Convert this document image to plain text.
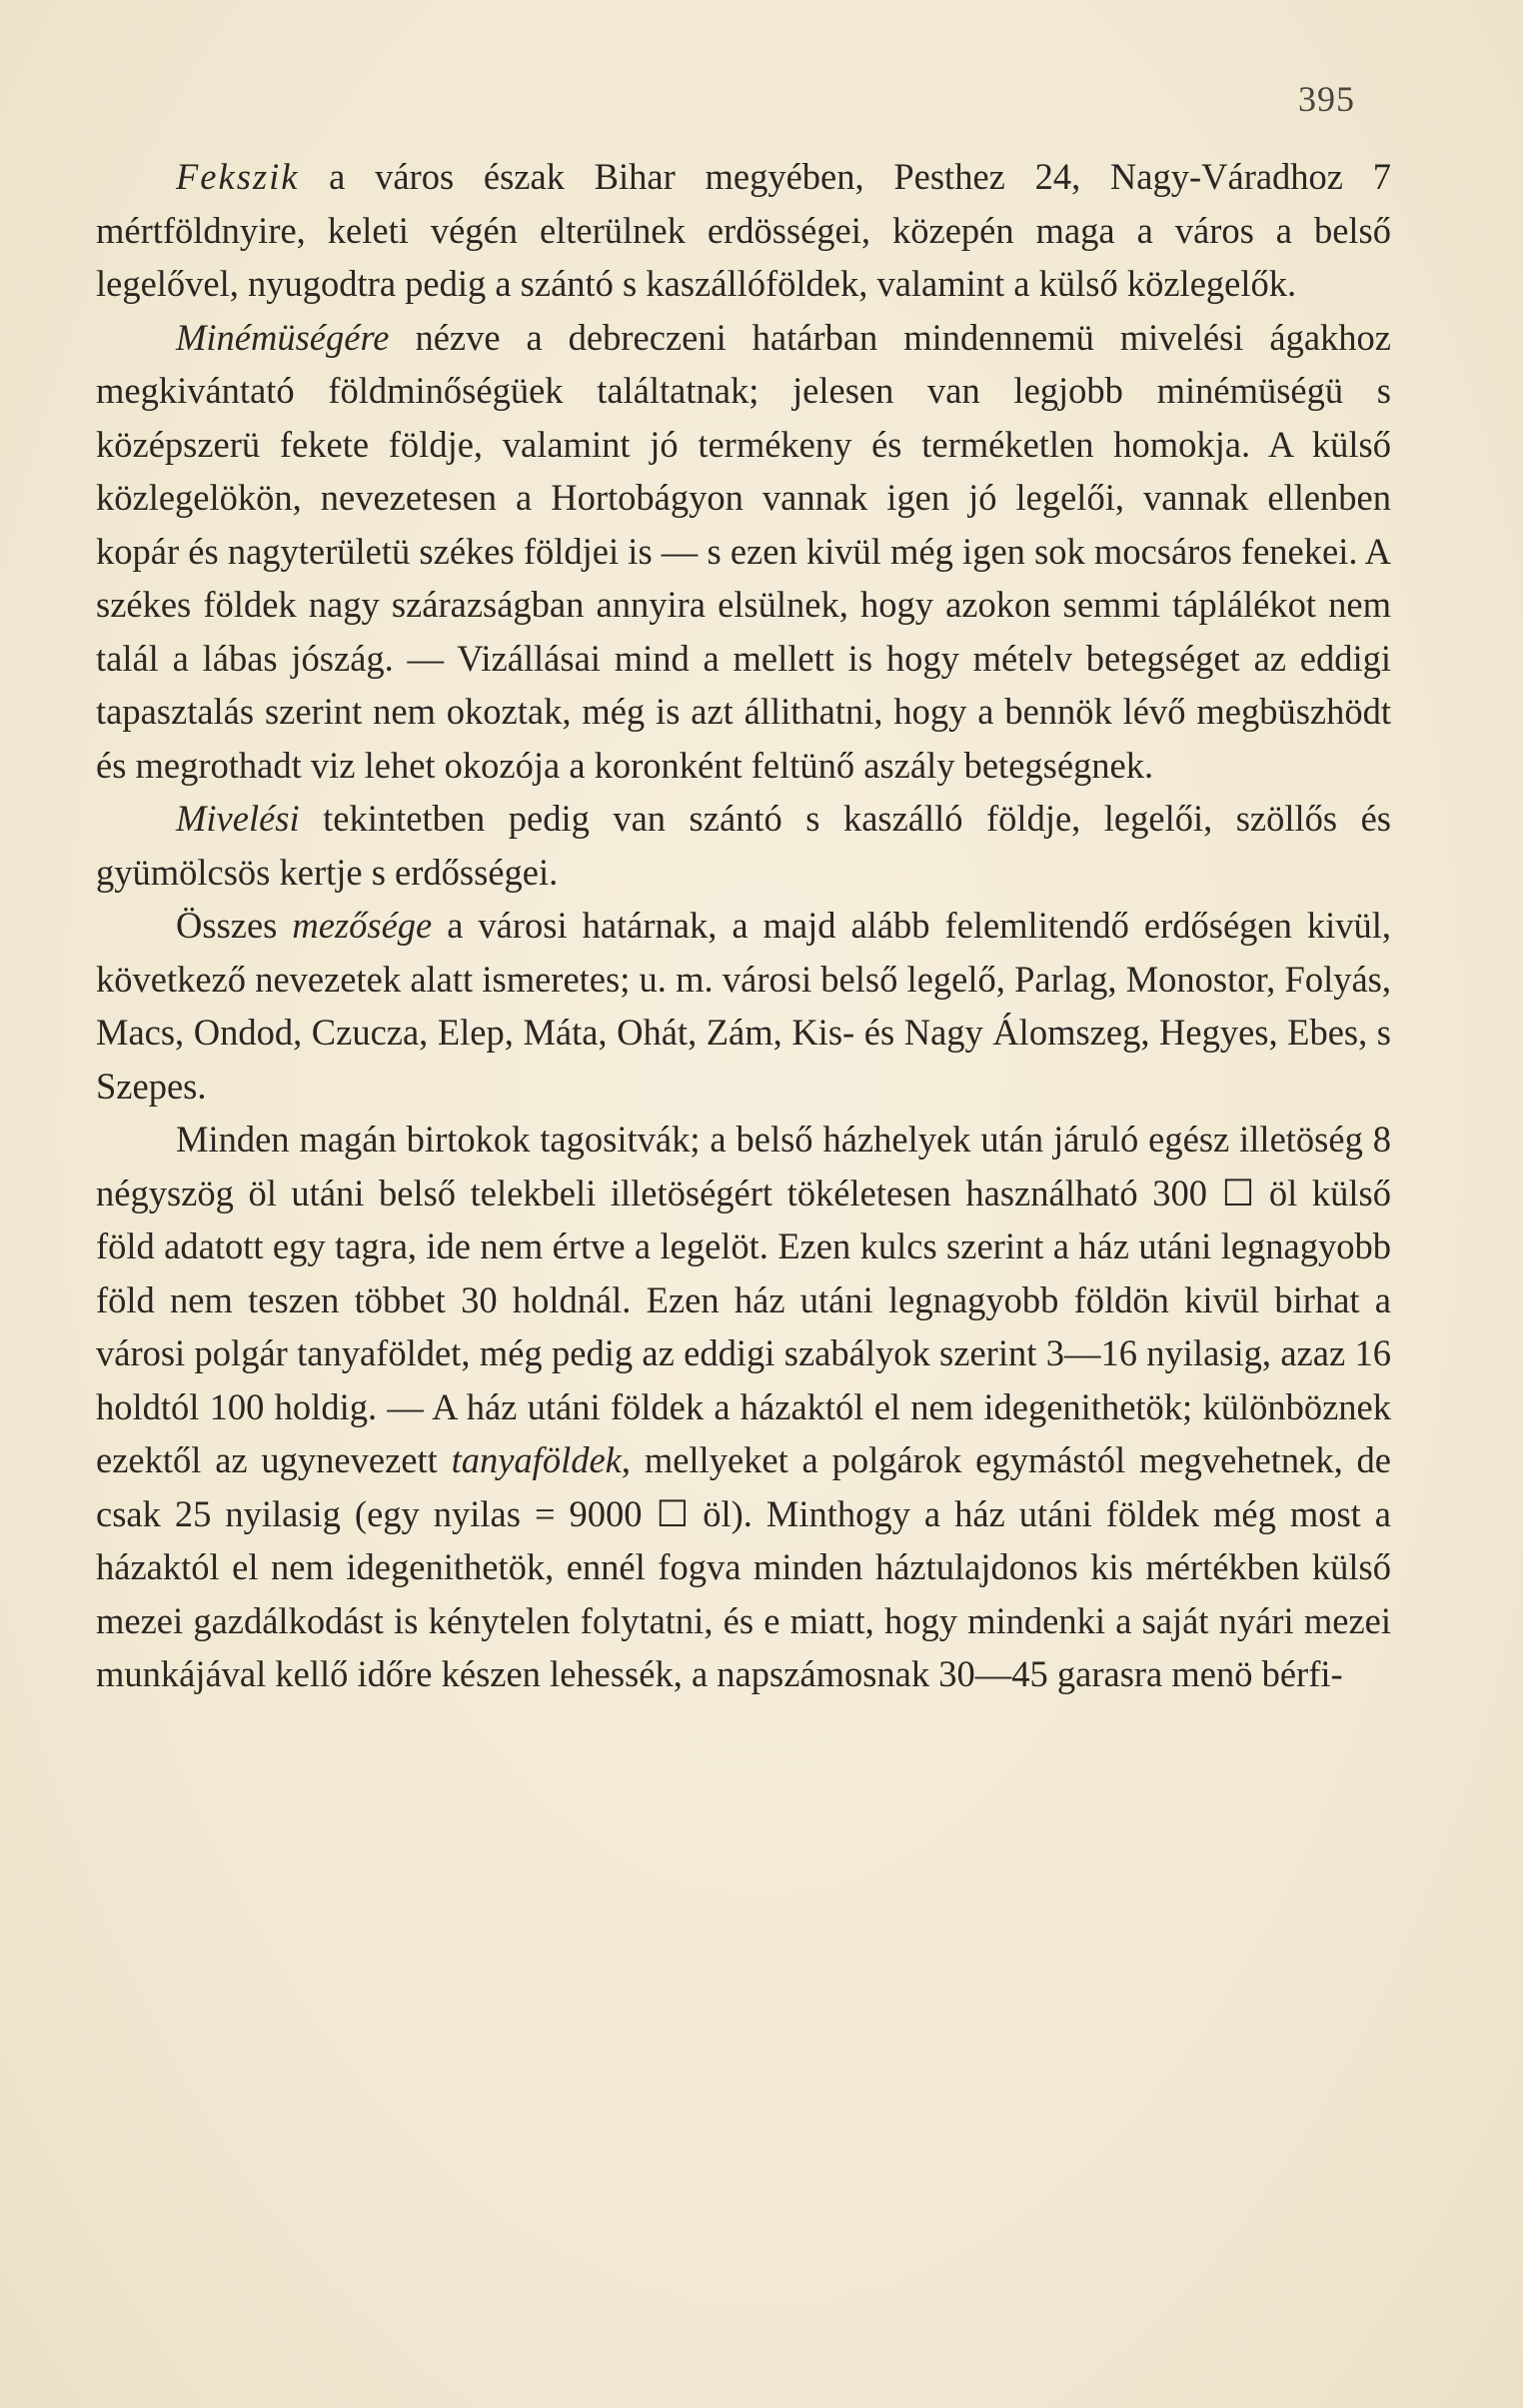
395

Fekszik a város észak Bihar megyében, Pesthez 24, Nagy-Váradhoz 7 mértföldnyire, keleti végén elterülnek erdösségei, közepén maga a város a belső legelővel, nyugodtra pedig a szántó s kaszállóföldek, valamint a külső közlegelők.

Minémüségére nézve a debreczeni határban mindennemü mivelési ágakhoz megkivántató földminőségüek találtatnak; jelesen van legjobb minémüségü s középszerü fekete földje, valamint jó termékeny és terméketlen homokja. A külső közlegelökön, nevezetesen a Hortobágyon vannak igen jó legelői, vannak ellenben kopár és nagyterületü székes földjei is — s ezen kivül még igen sok mocsáros fenekei. A székes földek nagy szárazságban annyira elsülnek, hogy azokon semmi táplálékot nem talál a lábas jószág. — Vizállásai mind a mellett is hogy mételv betegséget az eddigi tapasztalás szerint nem okoztak, még is azt állithatni, hogy a bennök lévő megbüszhödt és megrothadt viz lehet okozója a koronként feltünő aszály betegségnek.

Mivelési tekintetben pedig van szántó s kaszálló földje, legelői, szöllős és gyümölcsös kertje s erdősségei.

Összes mezősége a városi határnak, a majd alább felemlitendő erdőségen kivül, következő nevezetek alatt ismeretes; u. m. városi belső legelő, Parlag, Monostor, Folyás, Macs, Ondod, Czucza, Elep, Máta, Ohát, Zám, Kis- és Nagy Álomszeg, Hegyes, Ebes, s Szepes.

Minden magán birtokok tagositvák; a belső házhelyek után járuló egész illetöség 8 négyszög öl utáni belső telekbeli illetöségért tökéletesen használható 300 ☐ öl külső föld adatott egy tagra, ide nem értve a legelöt. Ezen kulcs szerint a ház utáni legnagyobb föld nem teszen többet 30 holdnál. Ezen ház utáni legnagyobb földön kivül birhat a városi polgár tanyaföldet, még pedig az eddigi szabályok szerint 3—16 nyilasig, azaz 16 holdtól 100 holdig. — A ház utáni földek a házaktól el nem idegenithetök; különböznek ezektől az ugynevezett tanyaföldek, mellyeket a polgárok egymástól megvehetnek, de csak 25 nyilasig (egy nyilas = 9000 ☐ öl). Minthogy a ház utáni földek még most a házaktól el nem idegenithetök, ennél fogva minden háztulajdonos kis mértékben külső mezei gazdálkodást is kénytelen folytatni, és e miatt, hogy mindenki a saját nyári mezei munkájával kellő időre készen lehessék, a napszámosnak 30—45 garasra menö bérfi-
